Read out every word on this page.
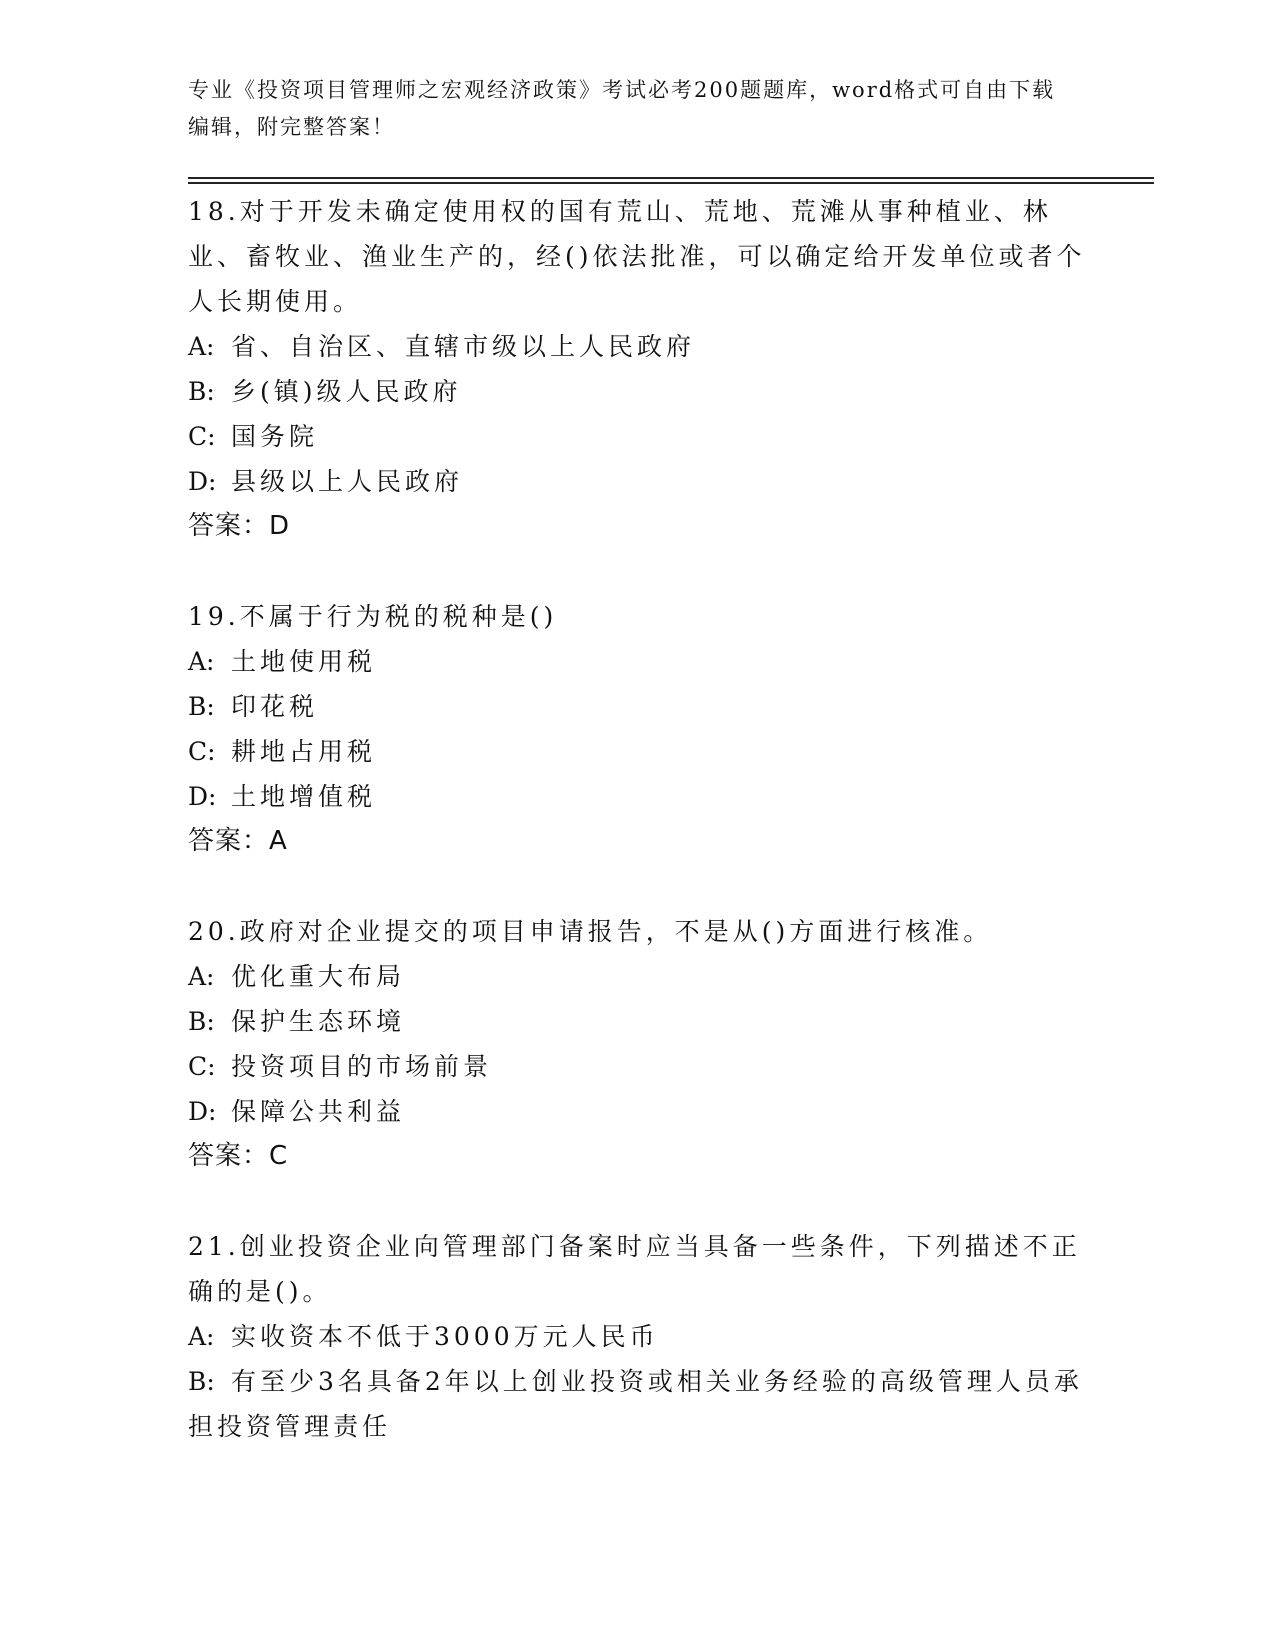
专业《投资项目管理师之宏观经济政策》考试必考200题题库，word格式可自由下载编辑，附完整答案！
18.对于开发未确定使用权的国有荒山、荒地、荒滩从事种植业、林业、畜牧业、渔业生产的，经()依法批准，可以确定给开发单位或者个人长期使用。
A: 省、自治区、直辖市级以上人民政府
B: 乡(镇)级人民政府
C: 国务院
D: 县级以上人民政府
答案：D
19.不属于行为税的税种是()
A: 土地使用税
B: 印花税
C: 耕地占用税
D: 土地增值税
答案：A
20.政府对企业提交的项目申请报告，不是从()方面进行核准。
A: 优化重大布局
B: 保护生态环境
C: 投资项目的市场前景
D: 保障公共利益
答案：C
21.创业投资企业向管理部门备案时应当具备一些条件，下列描述不正确的是()。
A: 实收资本不低于3000万元人民币
B: 有至少3名具备2年以上创业投资或相关业务经验的高级管理人员承担投资管理责任
